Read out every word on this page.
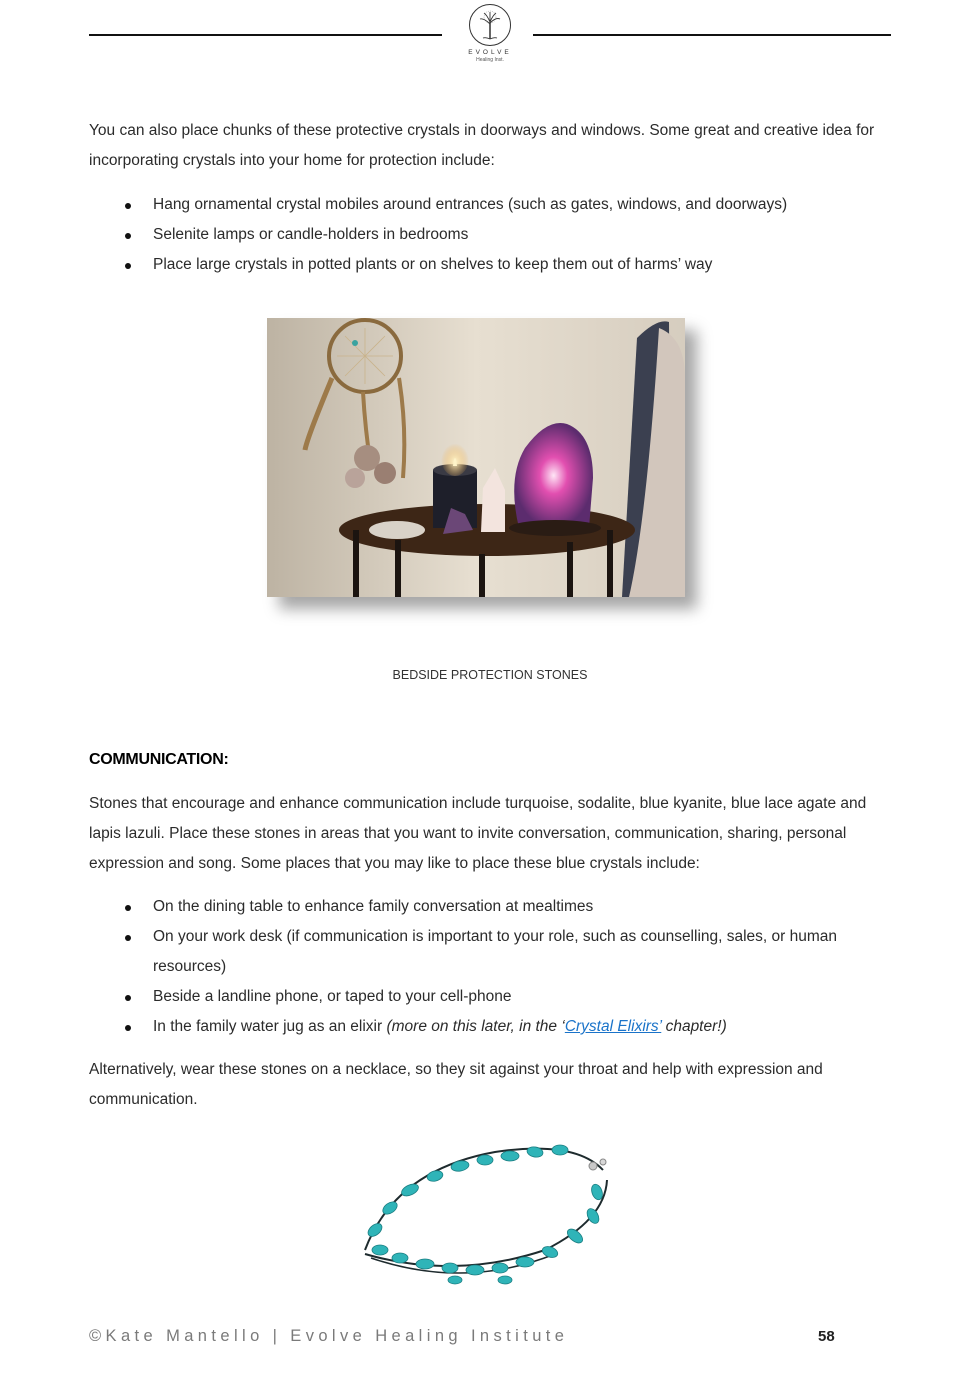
EVOLVE
Healing Inst.

You can also place chunks of these protective crystals in doorways and windows. Some great and creative idea for incorporating crystals into your home for protection include:

Hang ornamental crystal mobiles around entrances (such as gates, windows, and doorways)
Selenite lamps or candle-holders in bedrooms
Place large crystals in potted plants or on shelves to keep them out of harms’ way
BEDSIDE PROTECTION STONES
COMMUNICATION:

Stones that encourage and enhance communication include turquoise, sodalite, blue kyanite, blue lace agate and lapis lazuli. Place these stones in areas that you want to invite conversation, communication, sharing, personal expression and song. Some places that you may like to place these blue crystals include:

On the dining table to enhance family conversation at mealtimes
On your work desk (if communication is important to your role, such as counselling, sales, or human resources)
Beside a landline phone, or taped to your cell-phone
In the family water jug as an elixir (more on this later, in the ‘Crystal Elixirs’ chapter!)

Alternatively, wear these stones on a necklace, so they sit against your throat and help with expression and communication.

©Kate Mantello | Evolve Healing Institute	58
